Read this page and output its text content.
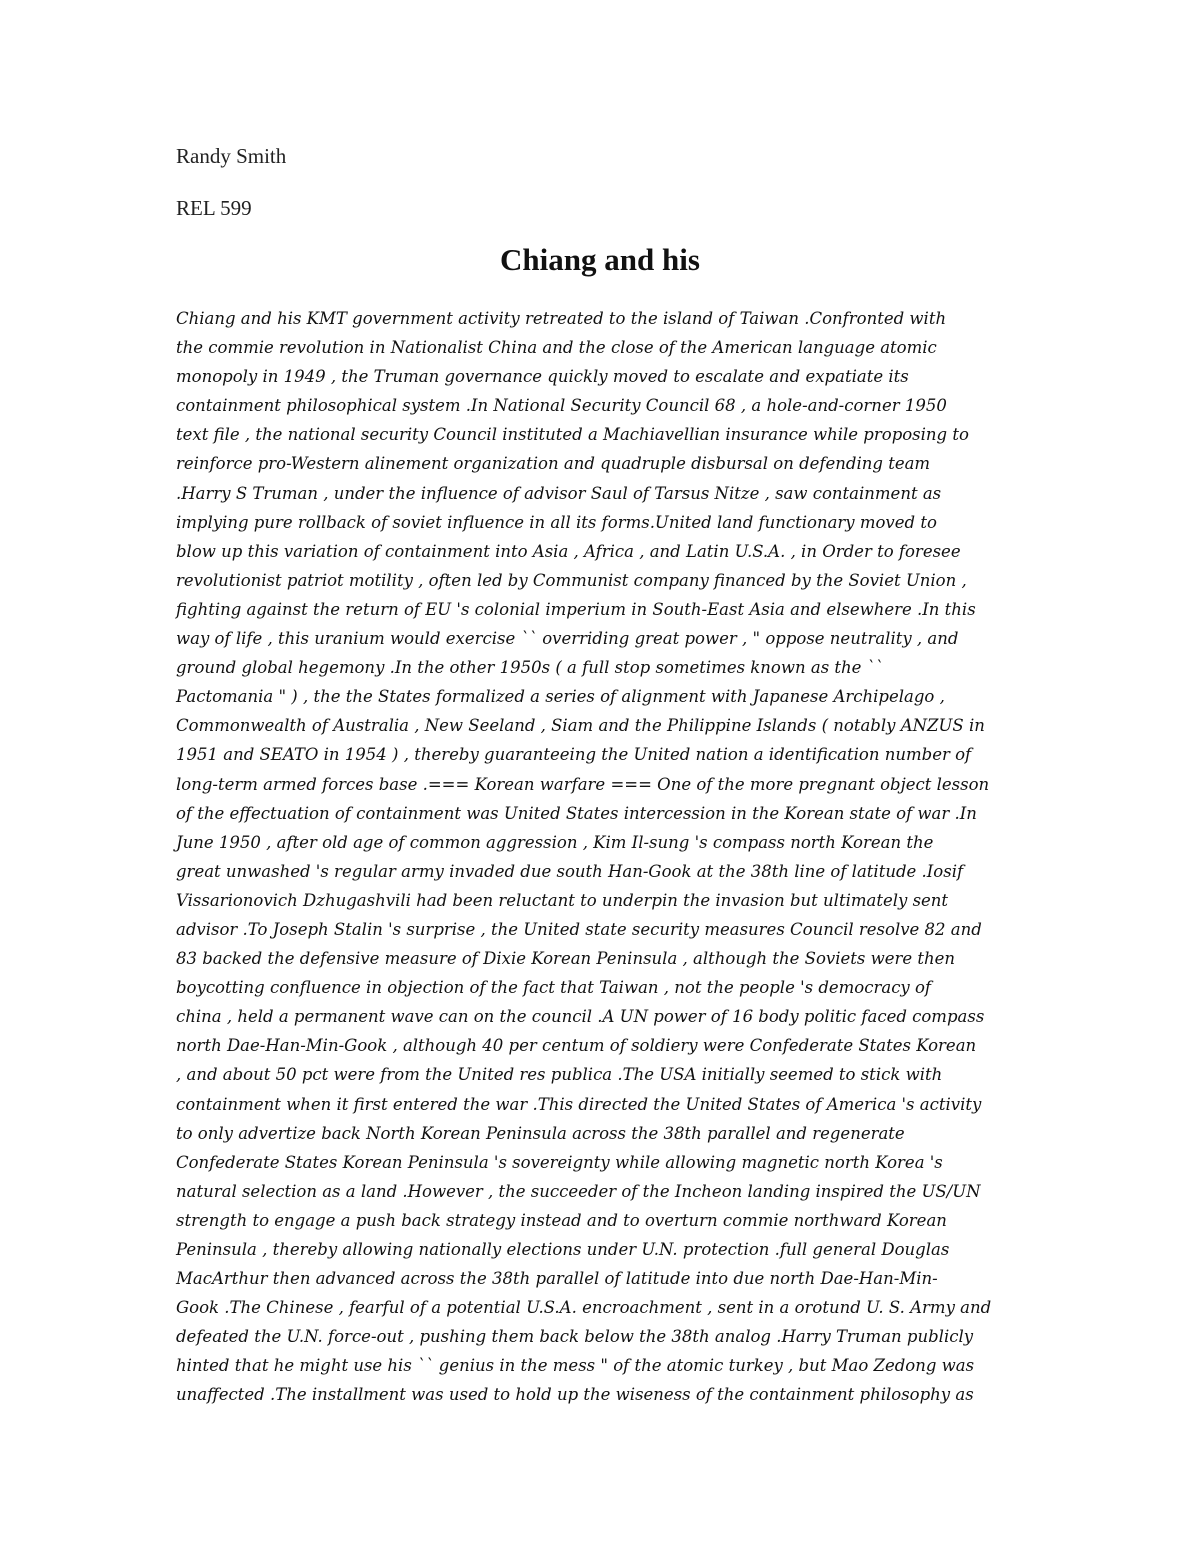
Randy Smith
REL 599
Chiang and his
Chiang and his KMT government activity retreated to the island of Taiwan .Confronted with
the commie revolution in Nationalist China and the close of the American language atomic
monopoly in 1949 , the Truman governance quickly moved to escalate and expatiate its
containment philosophical system .In National Security Council 68 , a hole-and-corner 1950
text file , the national security Council instituted a Machiavellian insurance while proposing to
reinforce pro-Western alinement organization and quadruple disbursal on defending team
.Harry S Truman , under the influence of advisor Saul of Tarsus Nitze , saw containment as
implying pure rollback of soviet influence in all its forms.United land functionary moved to
blow up this variation of containment into Asia , Africa , and Latin U.S.A. , in Order to foresee
revolutionist patriot motility , often led by Communist company financed by the Soviet Union ,
fighting against the return of EU 's colonial imperium in South-East Asia and elsewhere .In this
way of life , this uranium would exercise `` overriding great power , " oppose neutrality , and
ground global hegemony .In the other 1950s ( a full stop sometimes known as the ``
Pactomania " ) , the the States formalized a series of alignment with Japanese Archipelago ,
Commonwealth of Australia , New Seeland , Siam and the Philippine Islands ( notably ANZUS in
1951 and SEATO in 1954 ) , thereby guaranteeing the United nation a identification number of
long-term armed forces base .=== Korean warfare === One of the more pregnant object lesson
of the effectuation of containment was United States intercession in the Korean state of war .In
June 1950 , after old age of common aggression , Kim Il-sung 's compass north Korean the
great unwashed 's regular army invaded due south Han-Gook at the 38th line of latitude .Iosif
Vissarionovich Dzhugashvili had been reluctant to underpin the invasion but ultimately sent
advisor .To Joseph Stalin 's surprise , the United state security measures Council resolve 82 and
83 backed the defensive measure of Dixie Korean Peninsula , although the Soviets were then
boycotting confluence in objection of the fact that Taiwan , not the people 's democracy of
china , held a permanent wave can on the council .A UN power of 16 body politic faced compass
north Dae-Han-Min-Gook , although 40 per centum of soldiery were Confederate States Korean
, and about 50 pct were from the United res publica .The USA initially seemed to stick with
containment when it first entered the war .This directed the United States of America 's activity
to only advertize back North Korean Peninsula across the 38th parallel and regenerate
Confederate States Korean Peninsula 's sovereignty while allowing magnetic north Korea 's
natural selection as a land .However , the succeeder of the Incheon landing inspired the US/UN
strength to engage a push back strategy instead and to overturn commie northward Korean
Peninsula , thereby allowing nationally elections under U.N. protection .full general Douglas
MacArthur then advanced across the 38th parallel of latitude into due north Dae-Han-Min-
Gook .The Chinese , fearful of a potential U.S.A. encroachment , sent in a orotund U. S. Army and
defeated the U.N. force-out , pushing them back below the 38th analog .Harry Truman publicly
hinted that he might use his `` genius in the mess " of the atomic turkey , but Mao Zedong was
unaffected .The installment was used to hold up the wiseness of the containment philosophy as
